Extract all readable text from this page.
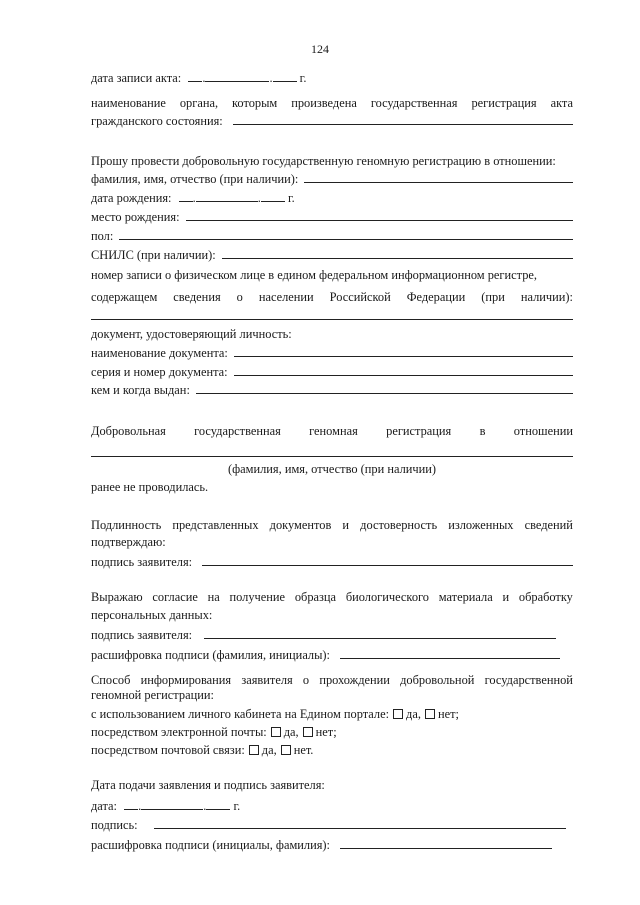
124
дата записи акта: .	. г.
наименование органа, которым произведена государственная регистрация акта
гражданского состояния:
Прошу провести добровольную государственную геномную регистрацию в отношении:
фамилия, имя, отчество (при наличии):
дата рождения: .	. г.
место рождения:
пол:
СНИЛС (при наличии):
номер записи о физическом лице в едином федеральном информационном регистре,
содержащем сведения о населении Российской Федерации (при наличии):
документ, удостоверяющий личность:
наименование документа:
серия и номер документа:
кем и когда выдан:
Добровольная государственная геномная регистрация в отношении
(фамилия, имя, отчество (при наличии)
ранее не проводилась.
Подлинность представленных документов и достоверность изложенных сведений
подтверждаю:
подпись заявителя:
Выражаю согласие на получение образца биологического материала и обработку
персональных данных:
подпись заявителя:
расшифровка подписи (фамилия, инициалы):
Способ информирования заявителя о прохождении добровольной государственной
геномной регистрации:
с использованием личного кабинета на Едином портале: да, нет;
посредством электронной почты: да, нет;
посредством почтовой связи: да, нет.
Дата подачи заявления и подпись заявителя:
дата: .	. г.
подпись:
расшифровка подписи (инициалы, фамилия):
